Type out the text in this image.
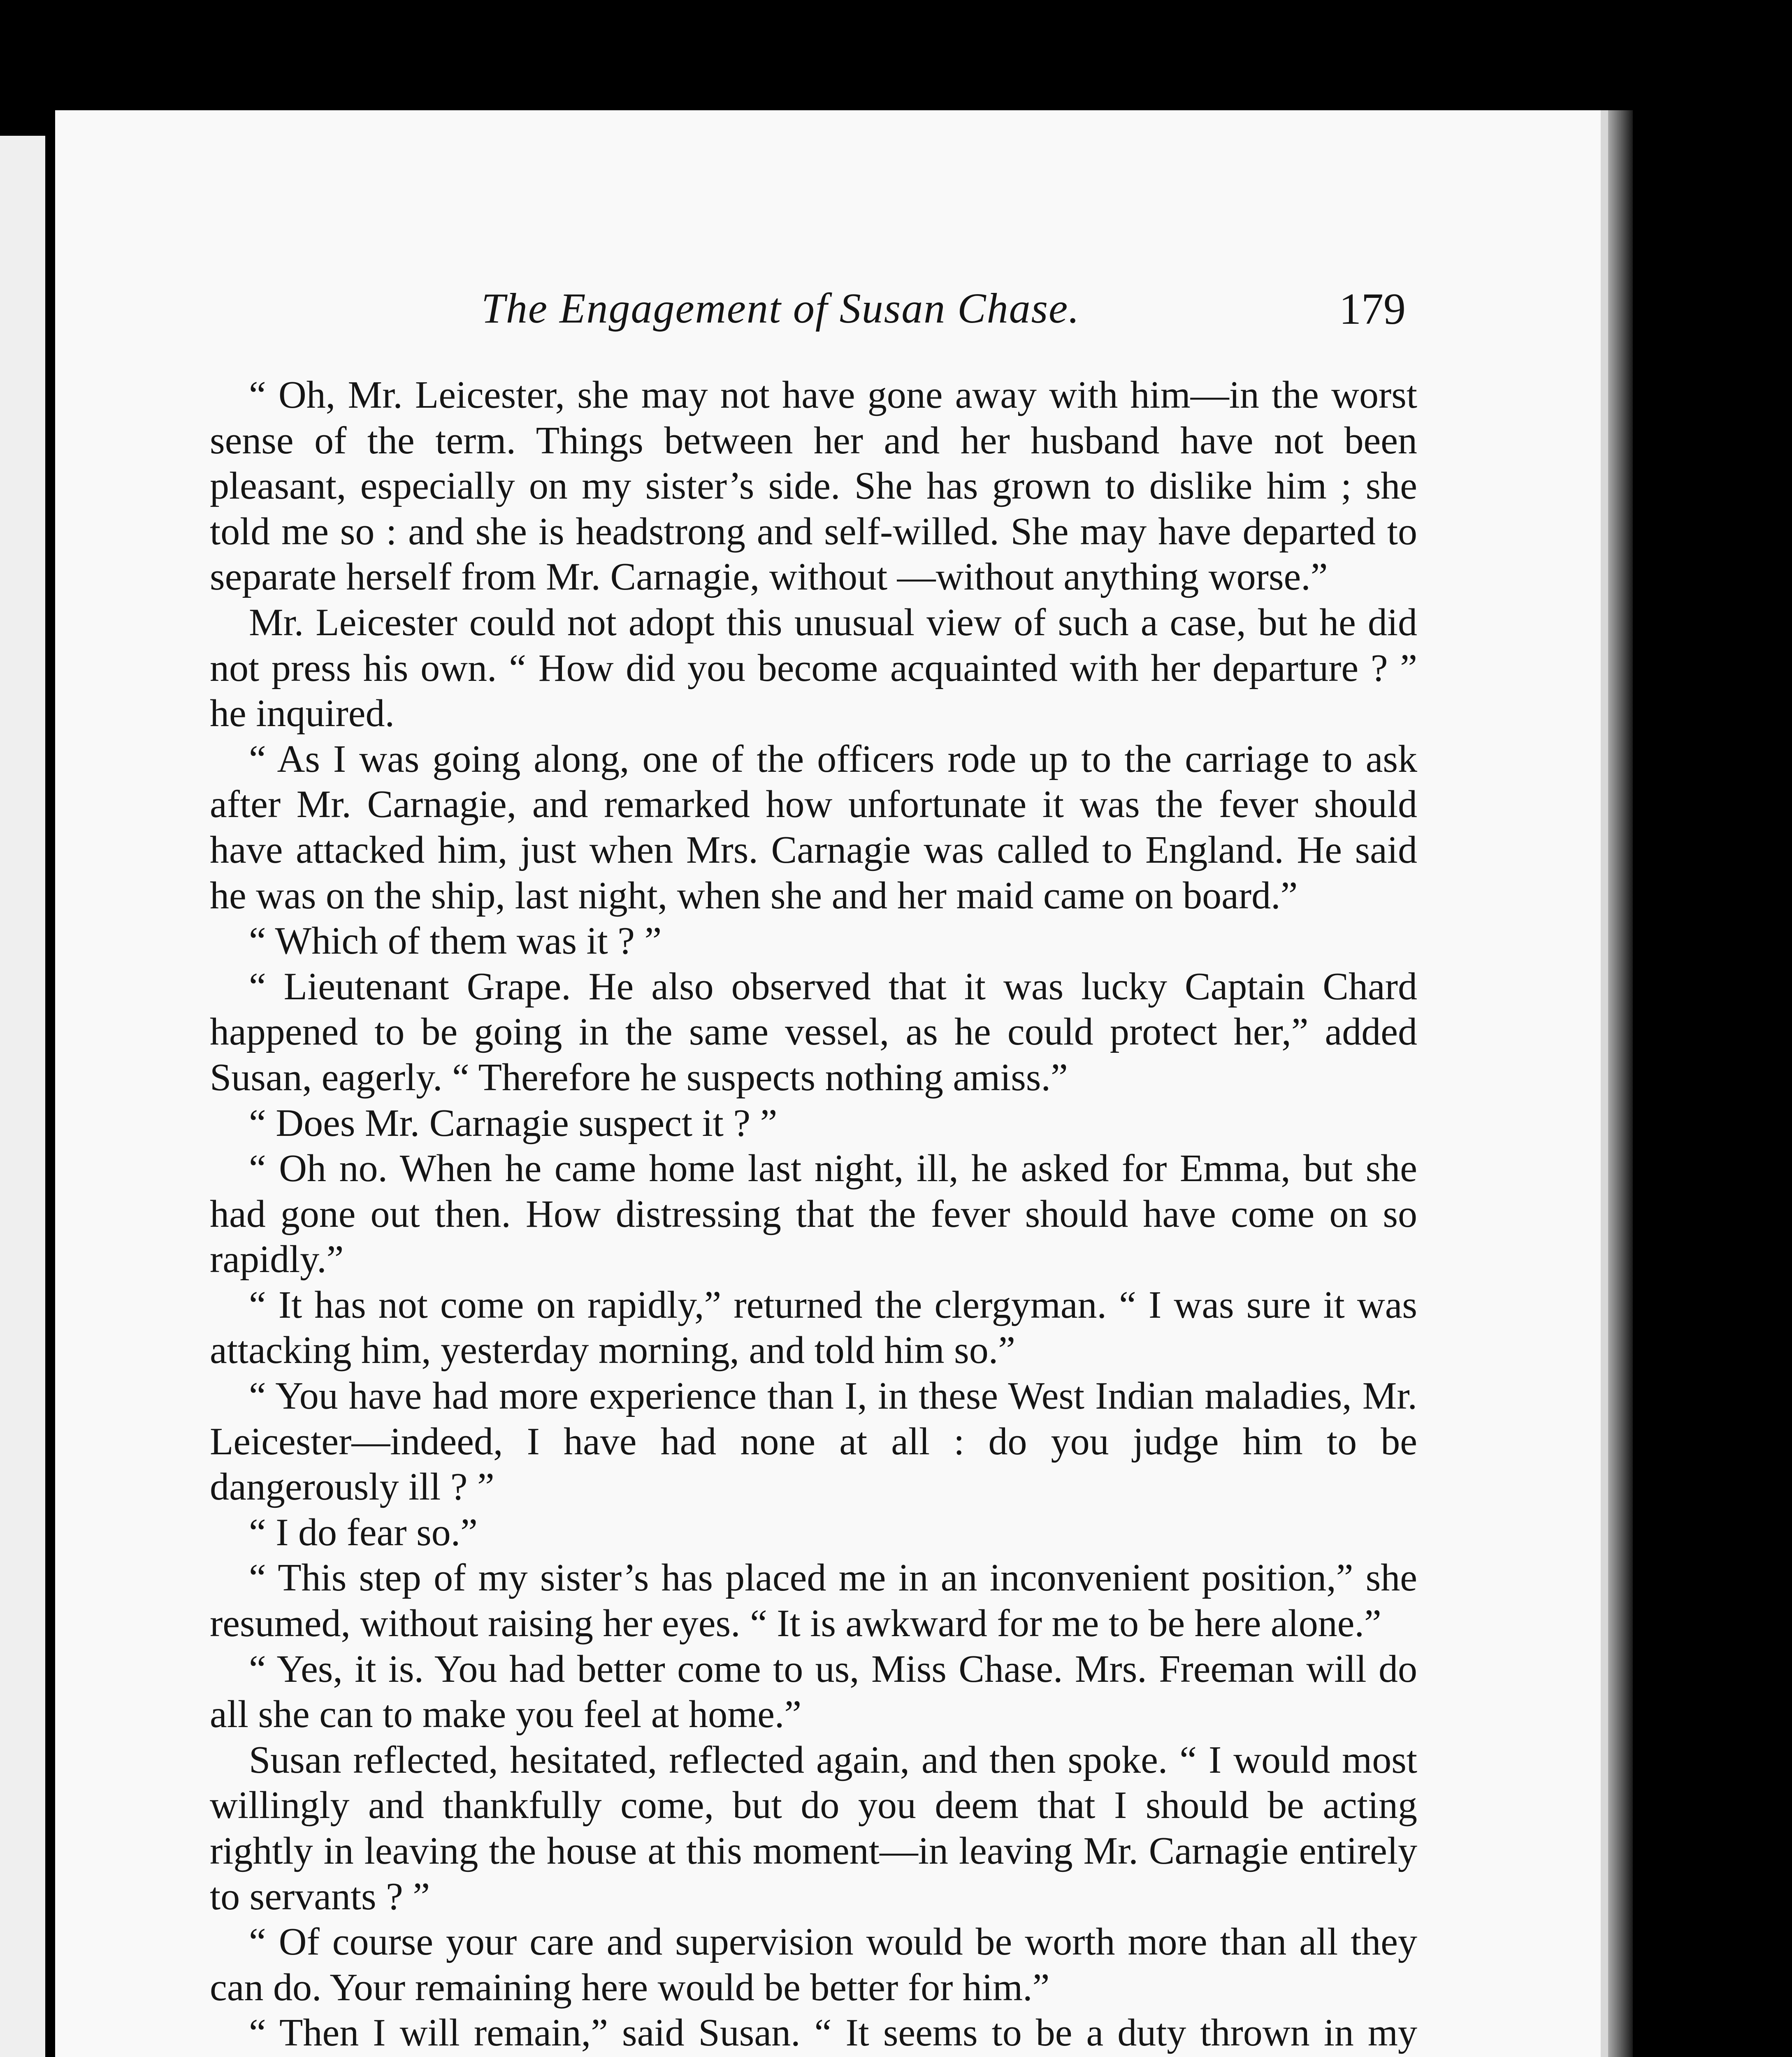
The Engagement of Susan Chase.	179

“ Oh, Mr. Leicester, she may not have gone away with him—in the worst sense of the term. Things between her and her husband have not been pleasant, especially on my sister’s side. She has grown to dislike him ; she told me so : and she is headstrong and self-willed. She may have departed to separate herself from Mr. Carnagie, without —without anything worse.”

Mr. Leicester could not adopt this unusual view of such a case, but he did not press his own. “ How did you become acquainted with her departure ? ” he inquired.

“ As I was going along, one of the officers rode up to the carriage to ask after Mr. Carnagie, and remarked how unfortunate it was the fever should have attacked him, just when Mrs. Carnagie was called to England. He said he was on the ship, last night, when she and her maid came on board.”

“ Which of them was it ? ”

“ Lieutenant Grape. He also observed that it was lucky Captain Chard happened to be going in the same vessel, as he could protect her,” added Susan, eagerly. “ Therefore he suspects nothing amiss.”

“ Does Mr. Carnagie suspect it ? ”

“ Oh no. When he came home last night, ill, he asked for Emma, but she had gone out then. How distressing that the fever should have come on so rapidly.”

“ It has not come on rapidly,” returned the clergyman. “ I was sure it was attacking him, yesterday morning, and told him so.”

“ You have had more experience than I, in these West Indian maladies, Mr. Leicester—indeed, I have had none at all : do you judge him to be dangerously ill ? ”

“ I do fear so.”

“ This step of my sister’s has placed me in an inconvenient position,” she resumed, without raising her eyes. “ It is awkward for me to be here alone.”

“ Yes, it is. You had better come to us, Miss Chase. Mrs. Freeman will do all she can to make you feel at home.”

Susan reflected, hesitated, reflected again, and then spoke. “ I would most willingly and thankfully come, but do you deem that I should be acting rightly in leaving the house at this moment—in leaving Mr. Carnagie entirely to servants ? ”

“ Of course your care and supervision would be worth more than all they can do. Your remaining here would be better for him.”

“ Then I will remain,” said Susan. “ It seems to be a duty thrown in my
